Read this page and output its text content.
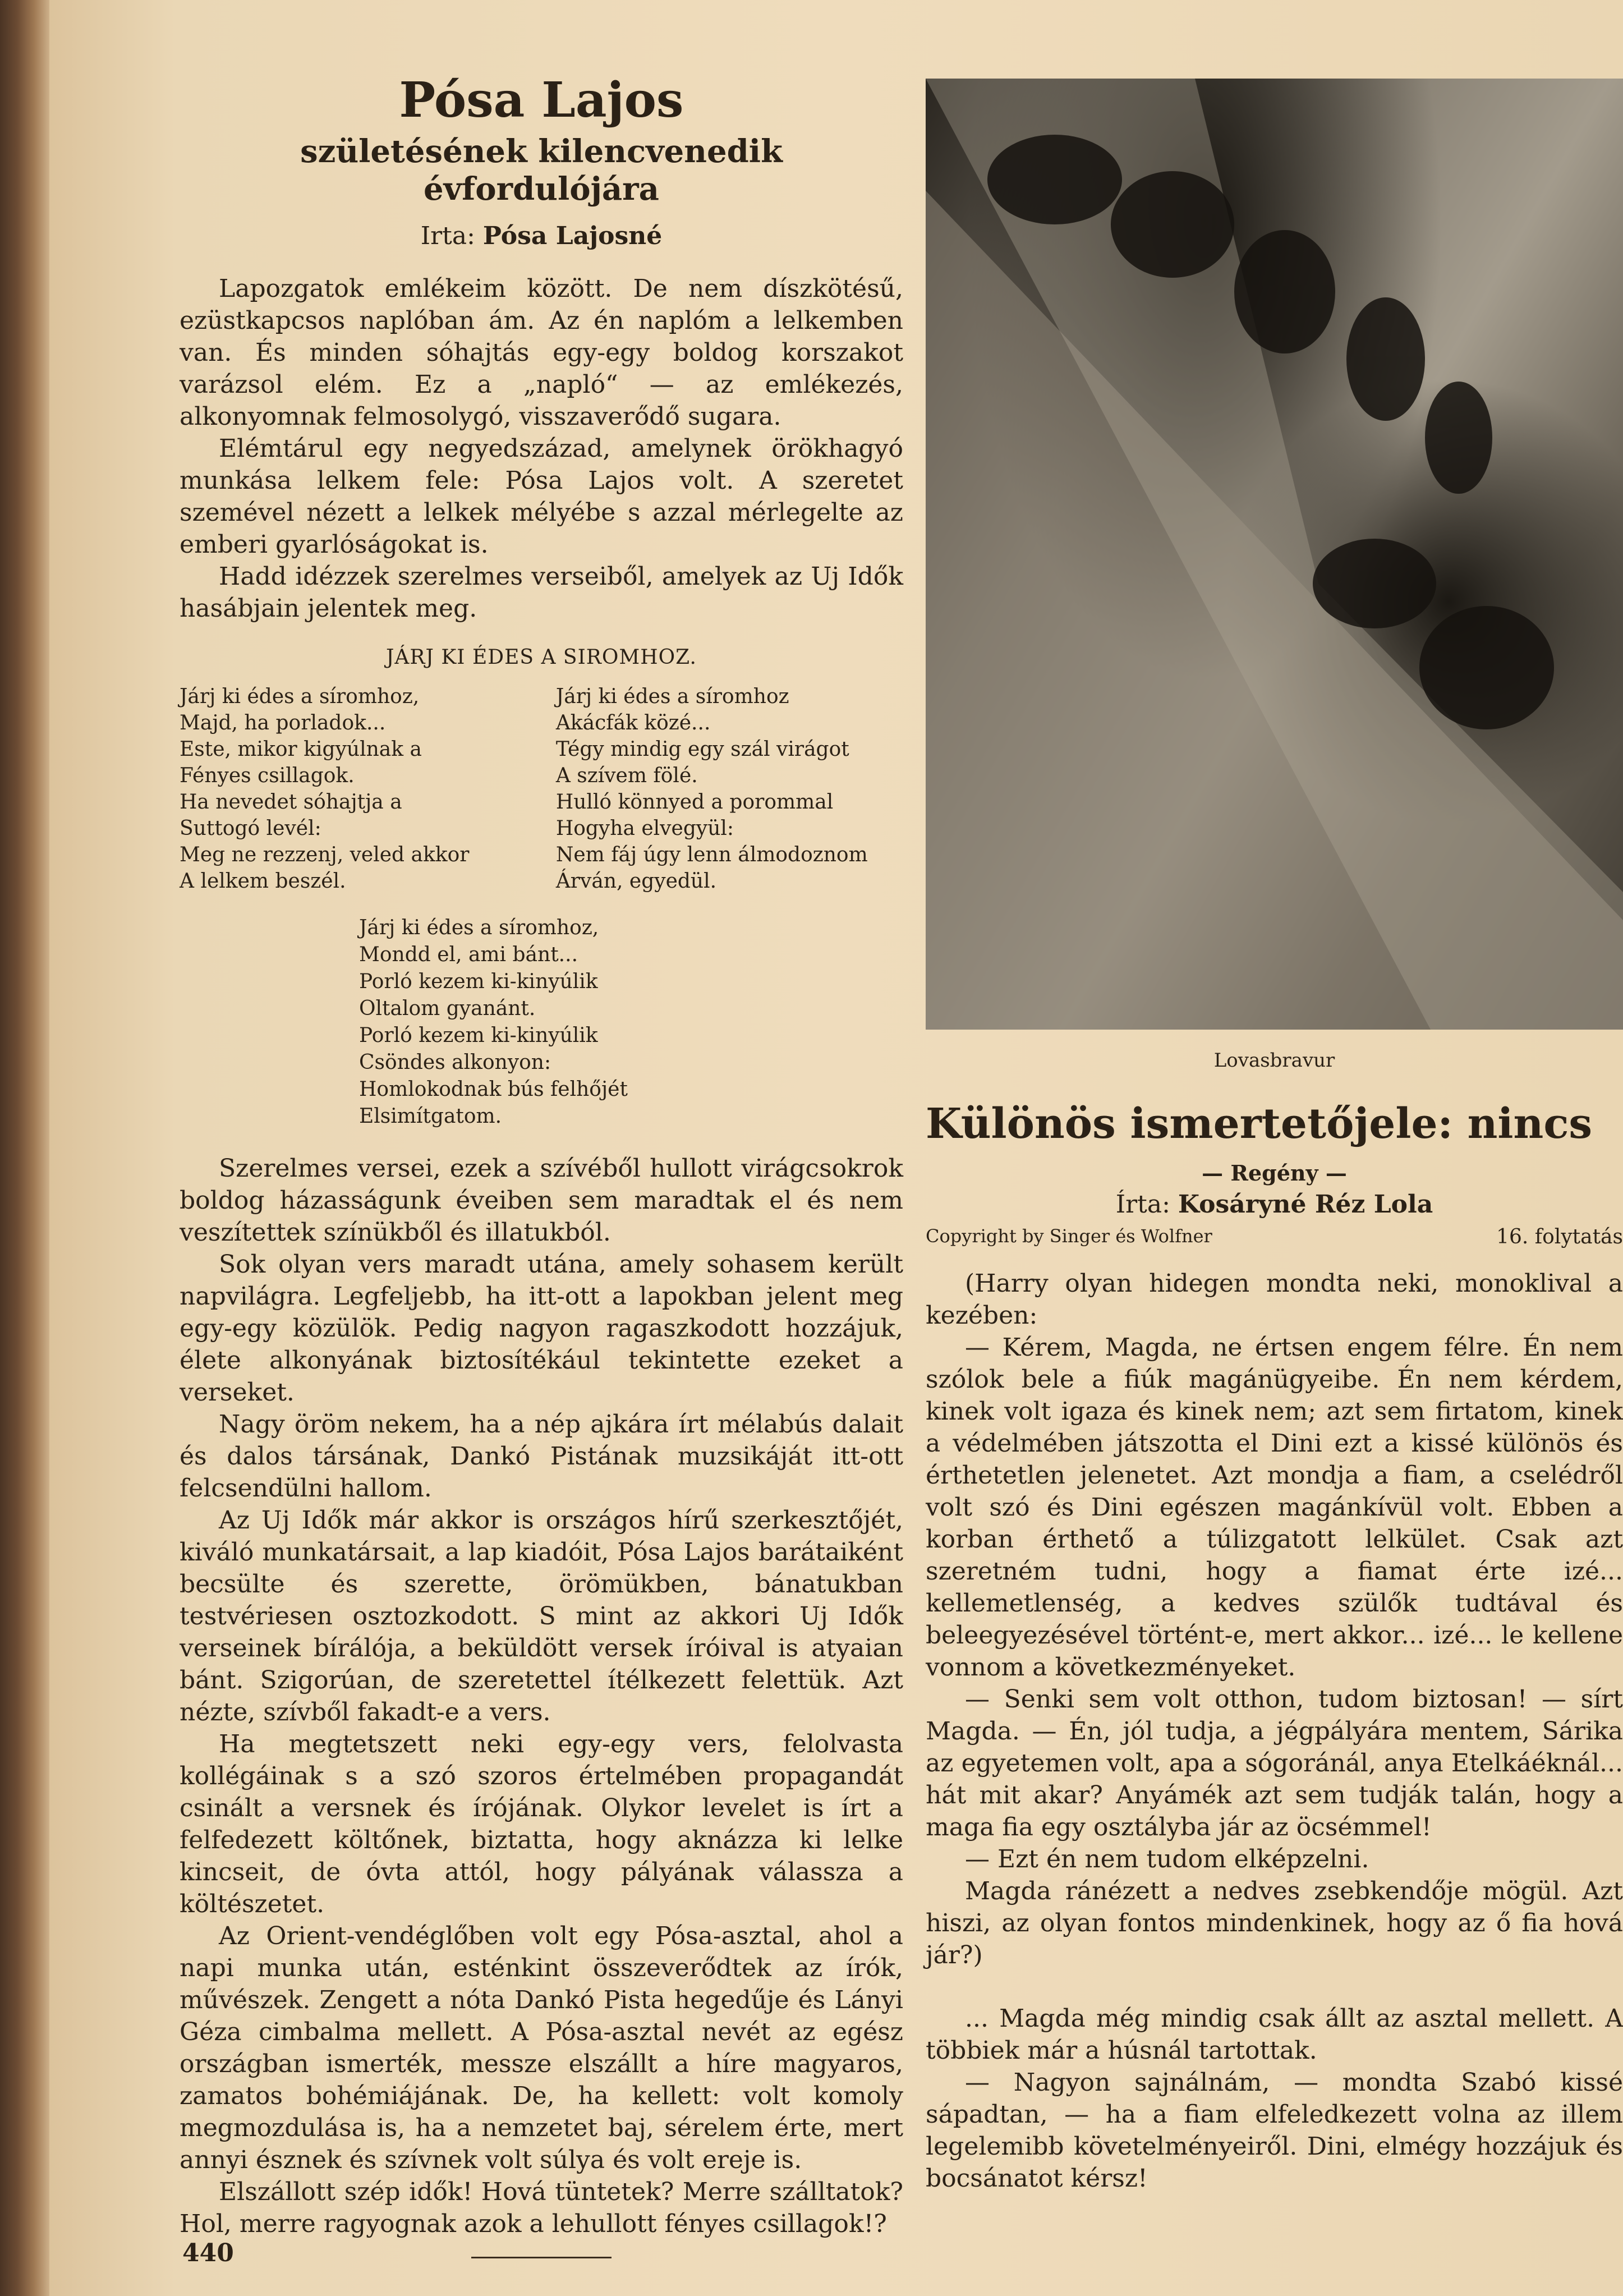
Pósa Lajos
születésének kilencvenedik évfordulójára
Irta: Pósa Lajosné

Lapozgatok emlékeim között. De nem díszkötésű, ezüstkapcsos naplóban ám. Az én naplóm a lelkemben van. És minden sóhajtás egy-egy boldog korszakot varázsol elém. Ez a „napló“ — az emlékezés, alkonyomnak felmosolygó, visszaverődő sugara.

Elémtárul egy negyedszázad, amelynek örökhagyó munkása lelkem fele: Pósa Lajos volt. A szeretet szemével nézett a lelkek mélyébe s azzal mérlegelte az emberi gyarlóságokat is.

Hadd idézzek szerelmes verseiből, amelyek az Uj Idők hasábjain jelentek meg.

JÁRJ KI ÉDES A SIROMHOZ.
Járj ki édes a síromhoz,
Majd, ha porladok...
Este, mikor kigyúlnak a
Fényes csillagok.
Ha nevedet sóhajtja a
Suttogó levél:
Meg ne rezzenj, veled akkor
A lelkem beszél.
Járj ki édes a síromhoz
Akácfák közé...
Tégy mindig egy szál virágot
A szívem fölé.
Hulló könnyed a porommal
Hogyha elvegyül:
Nem fáj úgy lenn álmodoznom
Árván, egyedül.
Járj ki édes a síromhoz,
Mondd el, ami bánt...
Porló kezem ki-kinyúlik
Oltalom gyanánt.
Porló kezem ki-kinyúlik
Csöndes alkonyon:
Homlokodnak bús felhőjét
Elsimítgatom.

Szerelmes versei, ezek a szívéből hullott virágcsokrok boldog házasságunk éveiben sem maradtak el és nem veszítettek színükből és illatukból.

Sok olyan vers maradt utána, amely sohasem került napvilágra. Legfeljebb, ha itt-ott a lapokban jelent meg egy-egy közülök. Pedig nagyon ragaszkodott hozzájuk, élete alkonyának biztosítékául tekintette ezeket a verseket.

Nagy öröm nekem, ha a nép ajkára írt mélabús dalait és dalos társának, Dankó Pistának muzsikáját itt-ott felcsendülni hallom.

Az Uj Idők már akkor is országos hírű szerkesztőjét, kiváló munkatársait, a lap kiadóit, Pósa Lajos barátaiként becsülte és szerette, örömükben, bánatukban testvériesen osztozkodott. S mint az akkori Uj Idők verseinek bírálója, a beküldött versek íróival is atyaian bánt. Szigorúan, de szeretettel ítélkezett felettük. Azt nézte, szívből fakadt-e a vers.

Ha megtetszett neki egy-egy vers, felolvasta kollégáinak s a szó szoros értelmében propagandát csinált a versnek és írójának. Olykor levelet is írt a felfedezett költőnek, biztatta, hogy aknázza ki lelke kincseit, de óvta attól, hogy pályának válassza a költészetet.

Az Orient-vendéglőben volt egy Pósa-asztal, ahol a napi munka után, esténkint összeverődtek az írók, művészek. Zengett a nóta Dankó Pista hegedűje és Lányi Géza cimbalma mellett. A Pósa-asztal nevét az egész országban ismerték, messze elszállt a híre magyaros, zamatos bohémiájának. De, ha kellett: volt komoly megmozdulása is, ha a nemzetet baj, sérelem érte, mert annyi észnek és szívnek volt súlya és volt ereje is.

Elszállott szép idők! Hová tüntetek? Merre szálltatok? Hol, merre ragyognak azok a lehullott fényes csillagok!?

440
Lovasbravur
Különös ismertetőjele: nincs
— Regény —
Írta: Kosáryné Réz Lola
Copyright by Singer és Wolfner	16. folytatás

(Harry olyan hidegen mondta neki, monoklival a kezében:

— Kérem, Magda, ne értsen engem félre. Én nem szólok bele a fiúk magánügyeibe. Én nem kérdem, kinek volt igaza és kinek nem; azt sem firtatom, kinek a védelmében játszotta el Dini ezt a kissé különös és érthetetlen jelenetet. Azt mondja a fiam, a cselédről volt szó és Dini egészen magánkívül volt. Ebben a korban érthető a túlizgatott lelkület. Csak azt szeretném tudni, hogy a fiamat érte izé... kellemetlenség, a kedves szülők tudtával és beleegyezésével történt-e, mert akkor... izé... le kellene vonnom a következményeket.

— Senki sem volt otthon, tudom biztosan! — sírt Magda. — Én, jól tudja, a jégpályára mentem, Sárika az egyetemen volt, apa a sógoránál, anya Etelkáéknál... hát mit akar? Anyámék azt sem tudják talán, hogy a maga fia egy osztályba jár az öcsémmel!

— Ezt én nem tudom elképzelni.

Magda ránézett a nedves zsebkendője mögül. Azt hiszi, az olyan fontos mindenkinek, hogy az ő fia hová jár?)

... Magda még mindig csak állt az asztal mellett. A többiek már a húsnál tartottak.

— Nagyon sajnálnám, — mondta Szabó kissé sápadtan, — ha a fiam elfeledkezett volna az illem legelemibb követelményeiről. Dini, elmégy hozzájuk és bocsánatot kérsz!
